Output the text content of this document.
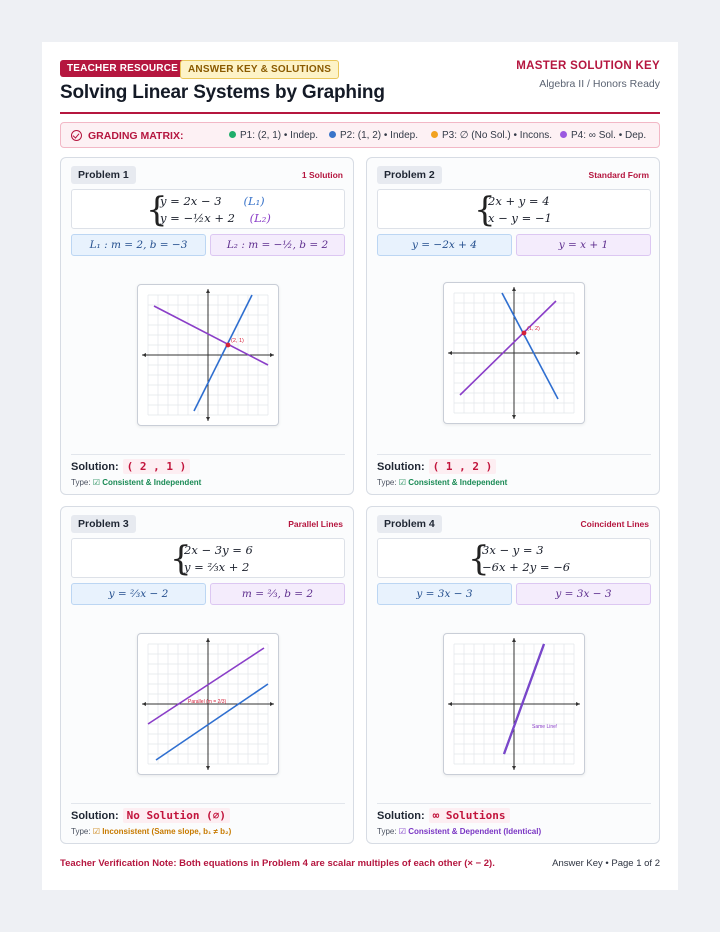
TEACHER RESOURCE	ANSWER KEY & SOLUTIONS
Solving Linear Systems by Graphing
MASTER SOLUTION KEY
Algebra II / Honors Ready
GRADING MATRIX:	P1: (2, 1) • Indep.	P2: (1, 2) • Indep.	P3: ∅ (No Sol.) • Incons.	P4: ∞ Sol. • Dep.
Problem 1	1 Solution
{
y = 2x − 3 (L₁)
y = −½x + 2 (L₂)
L₁ : m = 2, b = −3	L₂ : m = −½, b = 2
(2, 1)
Solution: ( 2 , 1 )
Type: ☑ Consistent & Independent
Problem 2	Standard Form
{
2x + y = 4
x − y = −1
y = −2x + 4	y = x + 1
(1, 2)
Solution: ( 1 , 2 )
Type: ☑ Consistent & Independent
Problem 3	Parallel Lines
{
2x − 3y = 6
y = ⅔x + 2
y = ⅔x − 2	m = ⅔, b = 2
Parallel (m = 2/3)
Solution: No Solution (∅)
Type: ☑ Inconsistent (Same slope, b₁ ≠ b₂)
Problem 4	Coincident Lines
{
3x − y = 3
−6x + 2y = −6
y = 3x − 3	y = 3x − 3
Same Line!
Solution: ∞ Solutions
Type: ☑ Consistent & Dependent (Identical)
Teacher Verification Note: Both equations in Problem 4 are scalar multiples of each other (× − 2).	Answer Key • Page 1 of 2
